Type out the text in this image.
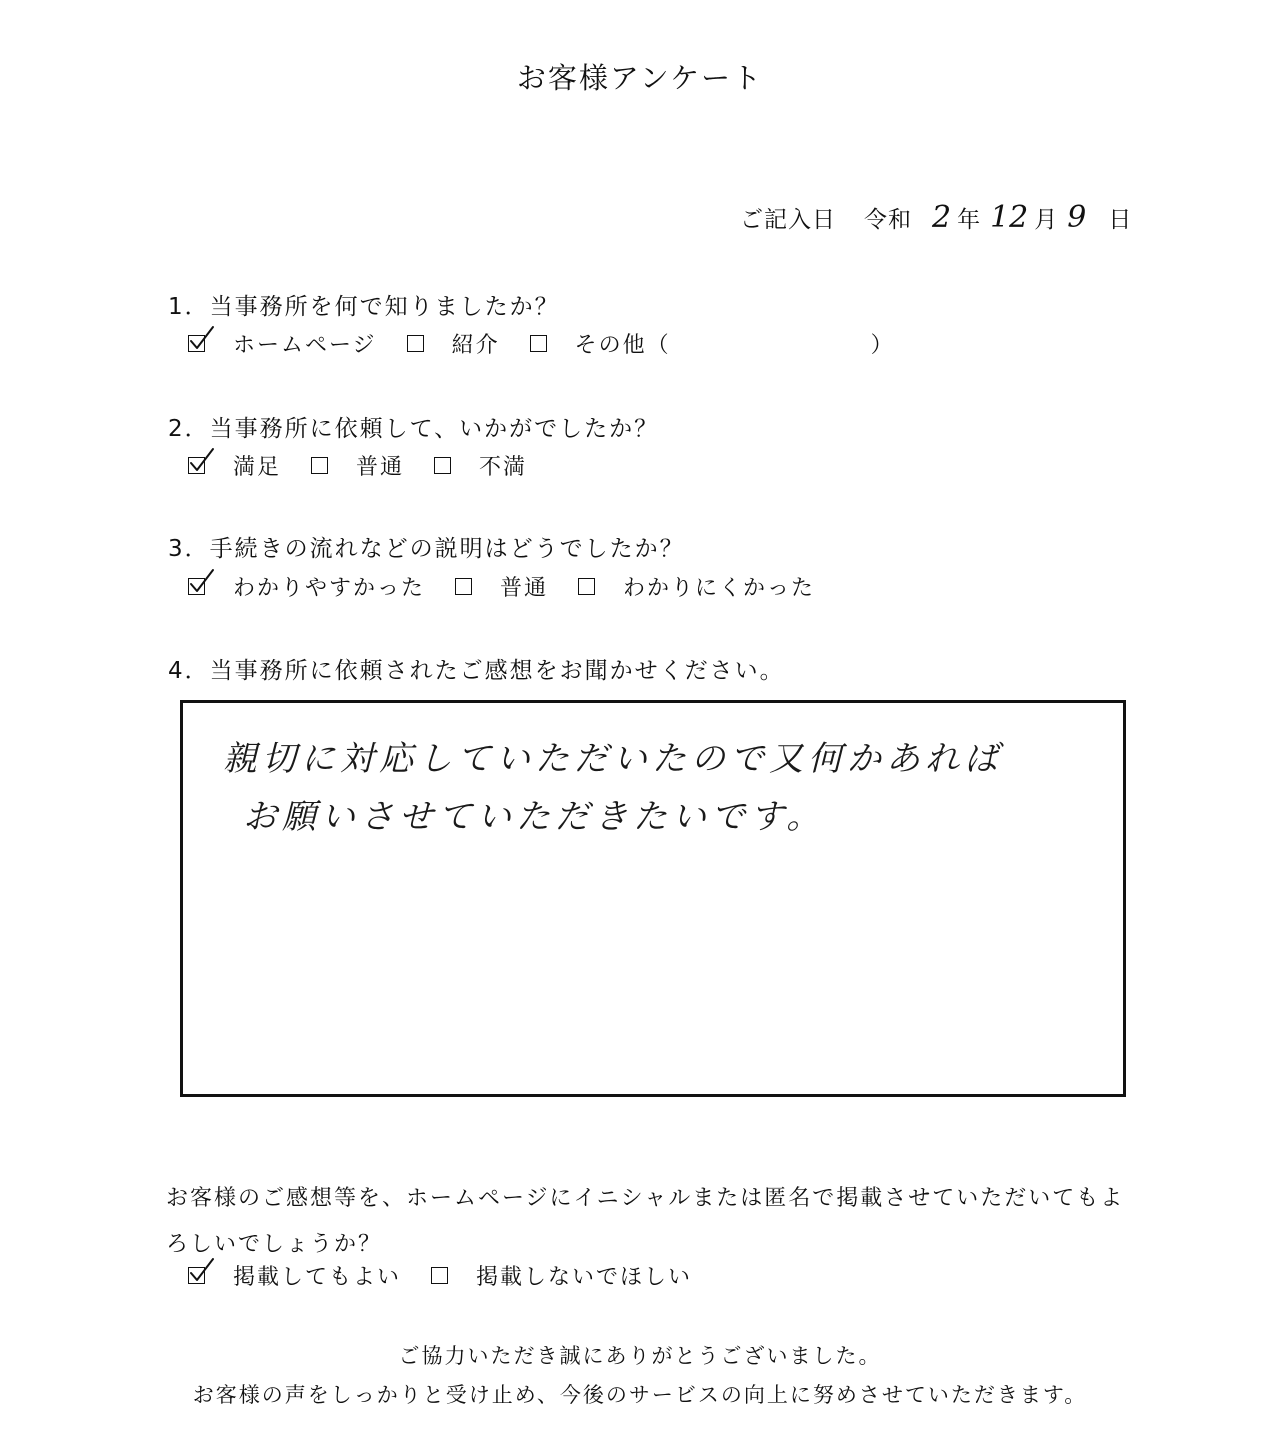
お客様アンケート
ご記入日 令和 2 年 12 月 9 日
1．当事務所を何で知りましたか？
ホームページ	紹介	その他（	）
2．当事務所に依頼して、いかがでしたか？
満足	普通	不満
3．手続きの流れなどの説明はどうでしたか？
わかりやすかった	普通	わかりにくかった
4．当事務所に依頼されたご感想をお聞かせください。
親切に対応していただいたので又何かあれば
お願いさせていただきたいです。
お客様のご感想等を、ホームページにイニシャルまたは匿名で掲載させていただいてもよろしいでしょうか？
掲載してもよい	掲載しないでほしい
ご協力いただき誠にありがとうございました。
お客様の声をしっかりと受け止め、今後のサービスの向上に努めさせていただきます。
